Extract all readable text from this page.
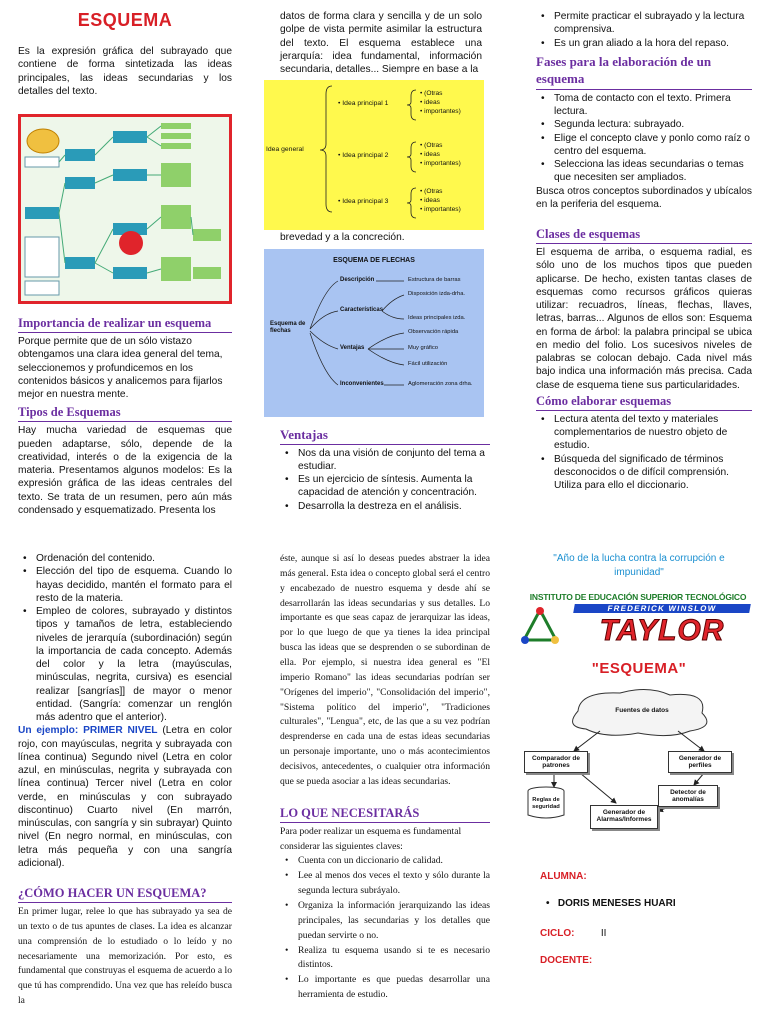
ESQUEMA

Es la expresión gráfica del subrayado que contiene de forma sintetizada las ideas principales, las ideas secundarias y los detalles del texto.

Importancia de realizar un esquema

Porque permite que de un sólo vistazo obtengamos una clara idea general del tema, seleccionemos y profundicemos en los contenidos básicos y analicemos para fijarlos mejor en nuestra mente.

Tipos de Esquemas

Hay mucha variedad de esquemas que pueden adaptarse, sólo, depende de la creatividad, interés o de la exigencia de la materia. Presentamos algunos modelos: Es la expresión gráfica de las ideas centrales del texto. Se trata de un resumen, pero aún más condensado y esquematizado. Presenta los

datos de forma clara y sencilla y de un solo golpe de vista permite asimilar la estructura del texto. El esquema establece una jerarquía: idea fundamental, información secundaria, detalles... Siempre en base a la

Idea general
• Idea principal 1
• Idea principal 2
• Idea principal 3
• (Otras
• ideas
• importantes)
• (Otras
• ideas
• importantes)
• (Otras
• ideas
• importantes)

brevedad y a la concreción.

ESQUEMA DE FLECHAS
Esquema de flechas
Descripción
Características
Ventajas
Inconvenientes
Estructura de barras
Disposición izda-drha.
Ideas principales izda.
Observación rápida
Muy gráfico
Fácil utilización
Aglomeración zona drha.
Ventajas
• Nos da una visión de conjunto del tema a estudiar.
• Es un ejercicio de síntesis. Aumenta la capacidad de atención y concentración.
• Desarrolla la destreza en el análisis.
• Permite practicar el subrayado y la lectura comprensiva.
• Es un gran aliado a la hora del repaso.
Fases para la elaboración de un esquema
• Toma de contacto con el texto. Primera lectura.
• Segunda lectura: subrayado.
• Elige el concepto clave y ponlo como raíz o centro del esquema.
• Selecciona las ideas secundarias o temas que necesiten ser ampliados.

Busca otros conceptos subordinados y ubícalos en la periferia del esquema.

Clases de esquemas

El esquema de arriba, o esquema radial, es sólo uno de los muchos tipos que pueden aplicarse. De hecho, existen tantas clases de esquemas como recursos gráficos quieras utilizar: recuadros, líneas, flechas, llaves, letras, barras... Algunos de ellos son: Esquema en forma de árbol: la palabra principal se ubica en medio del folio. Los sucesivos niveles de palabras se colocan debajo. Cada nivel más bajo indica una información más precisa. Cada clase de esquema tiene sus particularidades.

Cómo elaborar esquemas
• Lectura atenta del texto y materiales complementarios de nuestro objeto de estudio.
• Búsqueda del significado de términos desconocidos o de difícil comprensión. Utiliza para ello el diccionario.
• Ordenación del contenido.
• Elección del tipo de esquema. Cuando lo hayas decidido, mantén el formato para el resto de la materia.
• Empleo de colores, subrayado y distintos tipos y tamaños de letra, estableciendo niveles de jerarquía (subordinación) según la importancia de cada concepto. Además del color y la letra (mayúsculas, minúsculas, negrita, cursiva) es esencial realizar [sangrías]] de mayor o menor entidad. (Sangría: comenzar un renglón más adentro que el anterior).

Un ejemplo: PRIMER NIVEL (Letra en color rojo, con mayúsculas, negrita y subrayada con línea continua) Segundo nivel (Letra en color azul, en minúsculas, negrita y subrayada con línea continua) Tercer nivel (Letra en color verde, en minúsculas y con subrayado discontinuo) Cuarto nivel (En marrón, minúsculas, con sangría y sin subrayar) Quinto nivel (En negro normal, en minúsculas, con letra más pequeña y con una sangría adicional).

¿CÓMO HACER UN ESQUEMA?

En primer lugar, relee lo que has subrayado ya sea de un texto o de tus apuntes de clases. La idea es alcanzar una comprensión de lo estudiado o lo leído y no necesariamente una memorización. Por esto, es fundamental que construyas el esquema de acuerdo a lo que tú has comprendido. Una vez que has releído busca la

éste, aunque si así lo deseas puedes abstraer la idea más general. Esta idea o concepto global será el centro y encabezado de nuestro esquema y desde ahí se desarrollarán las ideas secundarias y sus detalles. Lo importante es que seas capaz de jerarquizar las ideas, por lo que luego de que ya tienes la idea principal busca las ideas que se desprenden o se subordinan de ella. Por ejemplo, si nuestra idea general es "El imperio Romano" las ideas secundarias podrían ser "Orígenes del imperio", "Consolidación del imperio", "Sistema político del imperio", "Tradiciones culturales", "Lengua", etc, de las que a su vez podrían desprenderse en cada una de estas ideas secundarias un personaje importante, uno o más acontecimientos decisivos, antecedentes, o cualquier otra información que se pueda asociar a las ideas secundarias.

LO QUE NECESITARÁS

Para poder realizar un esquema es fundamental considerar las siguientes claves:

• Cuenta con un diccionario de calidad.
• Lee al menos dos veces el texto y sólo durante la segunda lectura subráyalo.
• Organiza la información jerarquizando las ideas principales, las secundarias y los detalles que puedan servirte o no.
• Realiza tu esquema usando si te es necesario distintos.
• Lo importante es que puedas desarrollar una herramienta de estudio.
"Año de la lucha contra la corrupción e impunidad"
INSTITUTO DE EDUCACIÓN SUPERIOR TECNOLÓGICO
FREDERICK WINSLOW
TAYLOR
"ESQUEMA"
Fuentes de datos
Comparador de patrones
Generador de perfiles
Reglas de seguridad
Detector de anomalías
Generador de Alarmas/Informes
ALUMNA:
•   DORIS MENESES HUARI
CICLO:	II
DOCENTE:
